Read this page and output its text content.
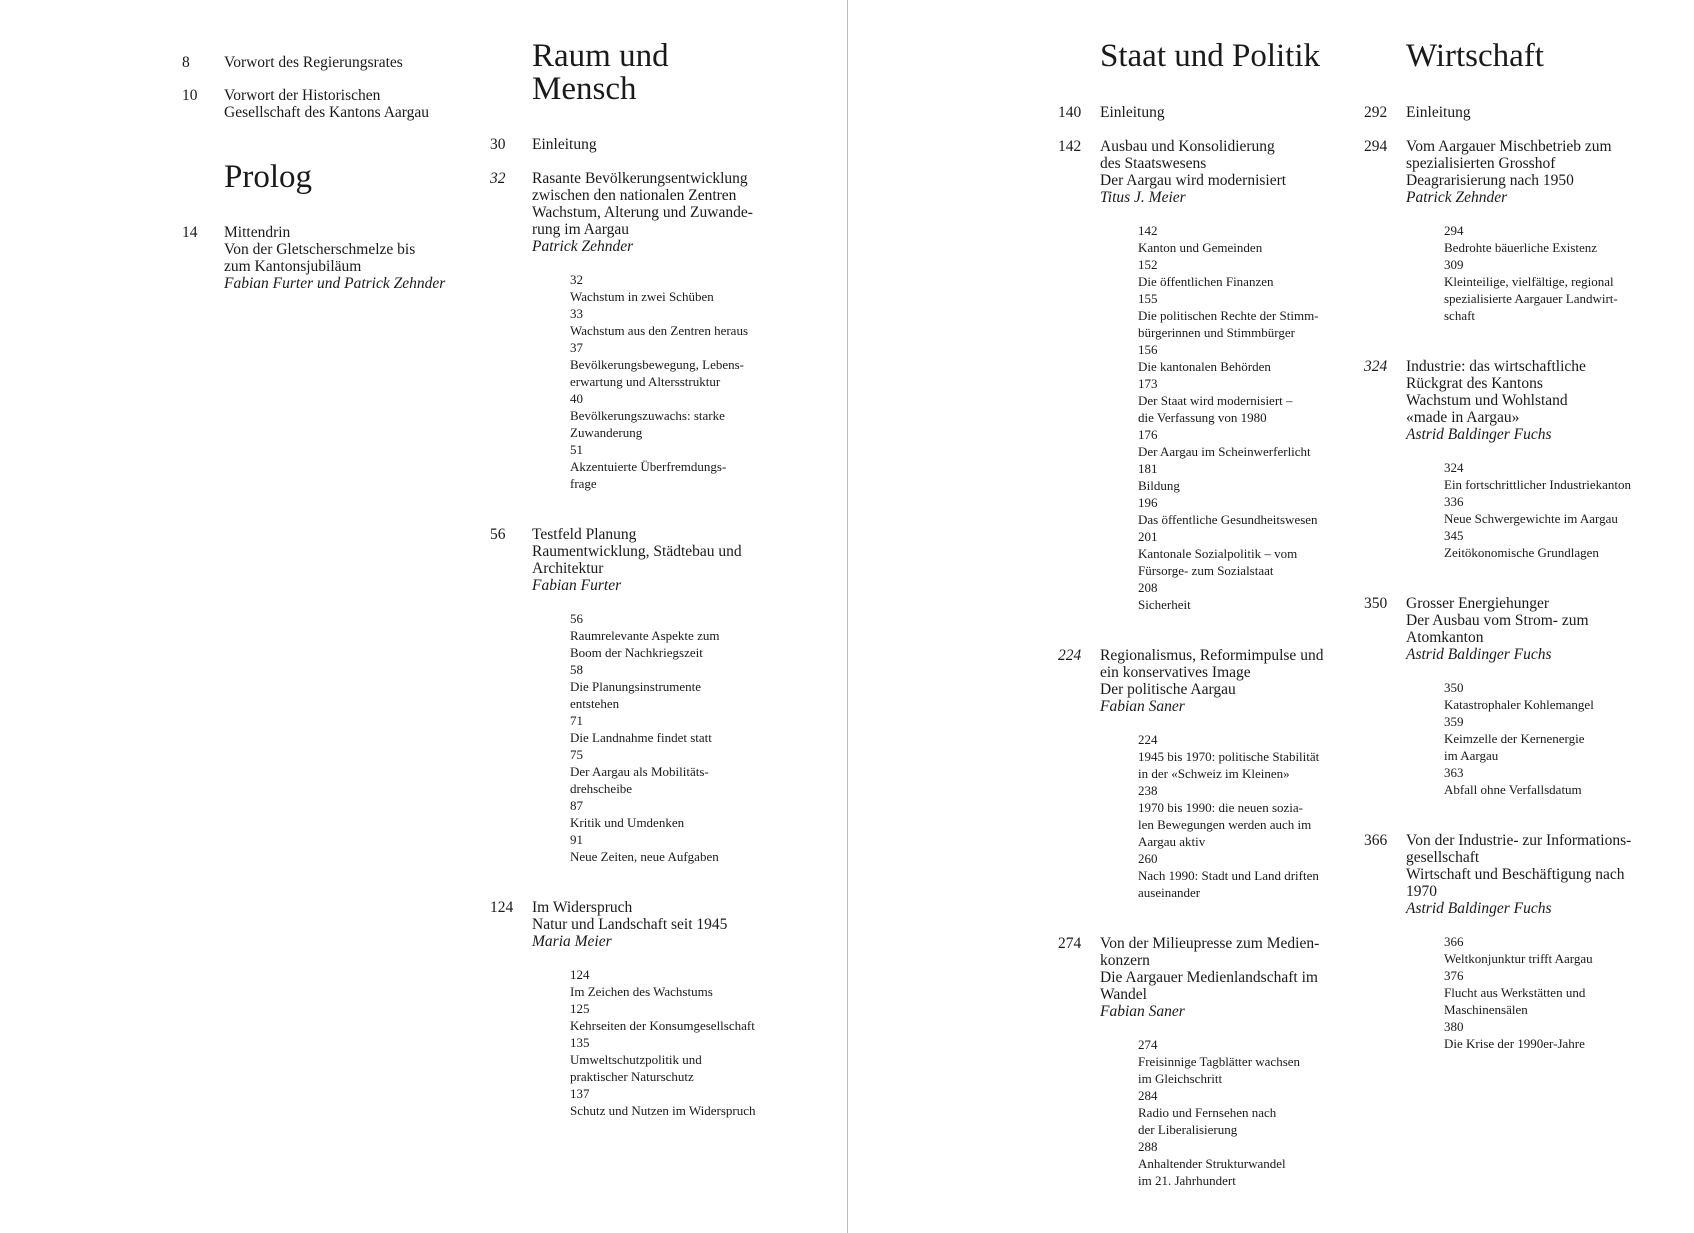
8 Vorwort des Regierungsrates
10 Vorwort der Historischen
Gesellschaft des Kantons Aargau
Prolog
14 Mittendrin
Von der Gletscherschmelze bis
zum Kantonsjubiläum
Fabian Furter und Patrick Zehnder
Raum und
Mensch
30 Einleitung
32 Rasante Bevölkerungsentwicklung
zwischen den nationalen Zentren
Wachstum, Alterung und Zuwande-
rung im Aargau
Patrick Zehnder
32
Wachstum in zwei Schüben
33
Wachstum aus den Zentren heraus
37
Bevölkerungsbewegung, Lebens-
erwartung und Altersstruktur
40
Bevölkerungszuwachs: starke
Zuwanderung
51
Akzentuierte Überfremdungs-
frage
56 Testfeld Planung
Raumentwicklung, Städtebau und
Architektur
Fabian Furter
56
Raumrelevante Aspekte zum
Boom der Nachkriegszeit
58
Die Planungsinstrumente
entstehen
71
Die Landnahme findet statt
75
Der Aargau als Mobilitäts-
drehscheibe
87
Kritik und Umdenken
91
Neue Zeiten, neue Aufgaben
124 Im Widerspruch
Natur und Landschaft seit 1945
Maria Meier
124
Im Zeichen des Wachstums
125
Kehrseiten der Konsumgesellschaft
135
Umweltschutzpolitik und
praktischer Naturschutz
137
Schutz und Nutzen im Widerspruch
Staat und Politik
140 Einleitung
142 Ausbau und Konsolidierung
des Staatswesens
Der Aargau wird modernisiert
Titus J. Meier
142
Kanton und Gemeinden
152
Die öffentlichen Finanzen
155
Die politischen Rechte der Stimm-
bürgerinnen und Stimmbürger
156
Die kantonalen Behörden
173
Der Staat wird modernisiert –
die Verfassung von 1980
176
Der Aargau im Scheinwerferlicht
181
Bildung
196
Das öffentliche Gesundheitswesen
201
Kantonale Sozialpolitik – vom
Fürsorge- zum Sozialstaat
208
Sicherheit
224 Regionalismus, Reformimpulse und
ein konservatives Image
Der politische Aargau
Fabian Saner
224
1945 bis 1970: politische Stabilität
in der «Schweiz im Kleinen»
238
1970 bis 1990: die neuen sozia-
len Bewegungen werden auch im
Aargau aktiv
260
Nach 1990: Stadt und Land driften
auseinander
274 Von der Milieupresse zum Medien-
konzern
Die Aargauer Medienlandschaft im
Wandel
Fabian Saner
274
Freisinnige Tagblätter wachsen
im Gleichschritt
284
Radio und Fernsehen nach
der Liberalisierung
288
Anhaltender Strukturwandel
im 21. Jahrhundert
Wirtschaft
292 Einleitung
294 Vom Aargauer Mischbetrieb zum
spezialisierten Grosshof
Deagrarisierung nach 1950
Patrick Zehnder
294
Bedrohte bäuerliche Existenz
309
Kleinteilige, vielfältige, regional
spezialisierte Aargauer Landwirt-
schaft
324 Industrie: das wirtschaftliche
Rückgrat des Kantons
Wachstum und Wohlstand
«made in Aargau»
Astrid Baldinger Fuchs
324
Ein fortschrittlicher Industriekanton
336
Neue Schwergewichte im Aargau
345
Zeitökonomische Grundlagen
350 Grosser Energiehunger
Der Ausbau vom Strom- zum
Atomkanton
Astrid Baldinger Fuchs
350
Katastrophaler Kohlemangel
359
Keimzelle der Kernenergie
im Aargau
363
Abfall ohne Verfallsdatum
366 Von der Industrie- zur Informations-
gesellschaft
Wirtschaft und Beschäftigung nach
1970
Astrid Baldinger Fuchs
366
Weltkonjunktur trifft Aargau
376
Flucht aus Werkstätten und
Maschinensälen
380
Die Krise der 1990er-Jahre
